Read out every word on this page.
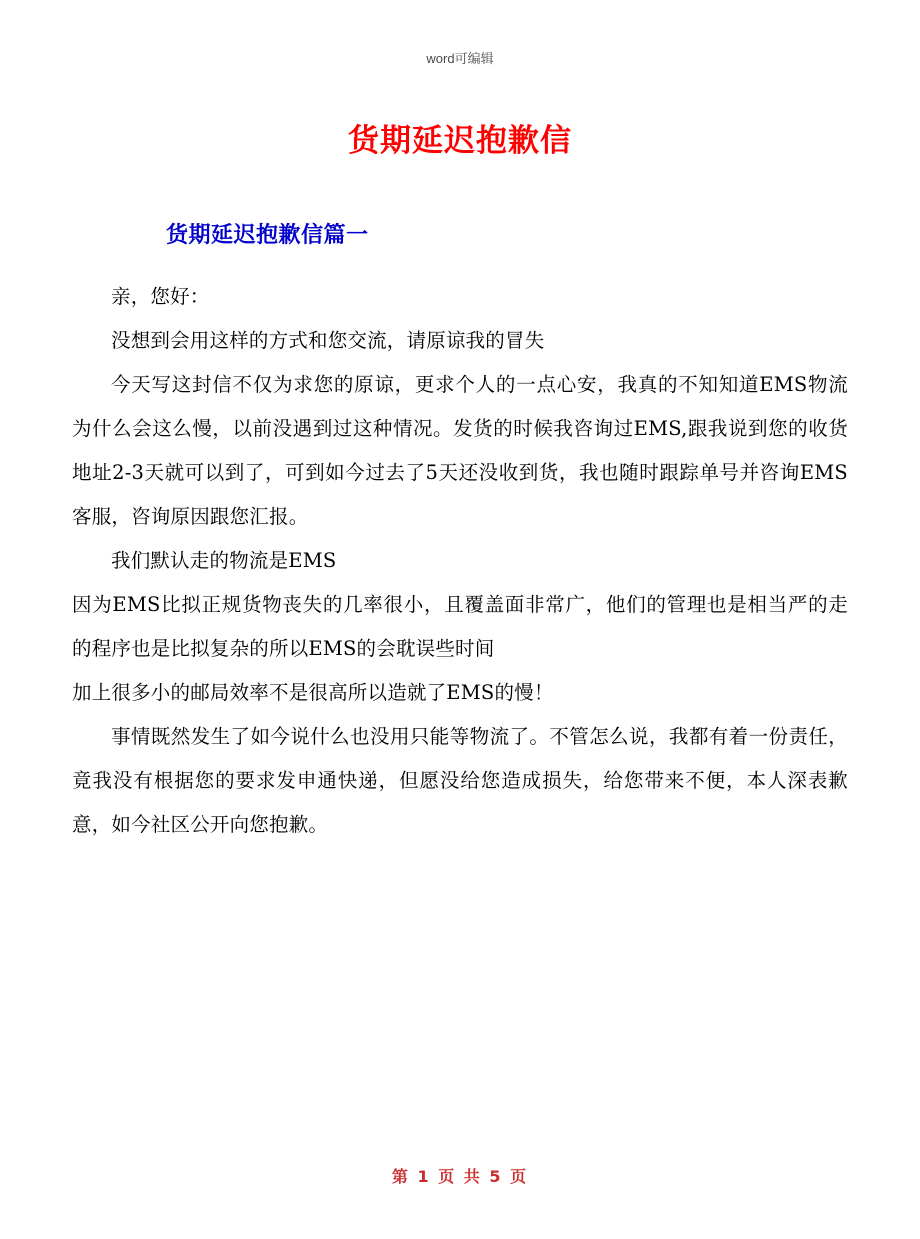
word可编辑
货期延迟抱歉信
货期延迟抱歉信篇一

亲，您好：

没想到会用这样的方式和您交流，请原谅我的冒失

今天写这封信不仅为求您的原谅，更求个人的一点心安，我真的不知知道EMS物流为什么会这么慢，以前没遇到过这种情况。发货的时候我咨询过EMS,跟我说到您的收货地址2-3天就可以到了，可到如今过去了5天还没收到货，我也随时跟踪单号并咨询EMS客服，咨询原因跟您汇报。

我们默认走的物流是EMS

因为EMS比拟正规货物丧失的几率很小，且覆盖面非常广，他们的管理也是相当严的走的程序也是比拟复杂的所以EMS的会耽误些时间

加上很多小的邮局效率不是很高所以造就了EMS的慢！

事情既然发生了如今说什么也没用只能等物流了。不管怎么说，我都有着一份责任，竟我没有根据您的要求发申通快递，但愿没给您造成损失，给您带来不便，本人深表歉意，如今社区公开向您抱歉。

第 1 页 共 5 页
